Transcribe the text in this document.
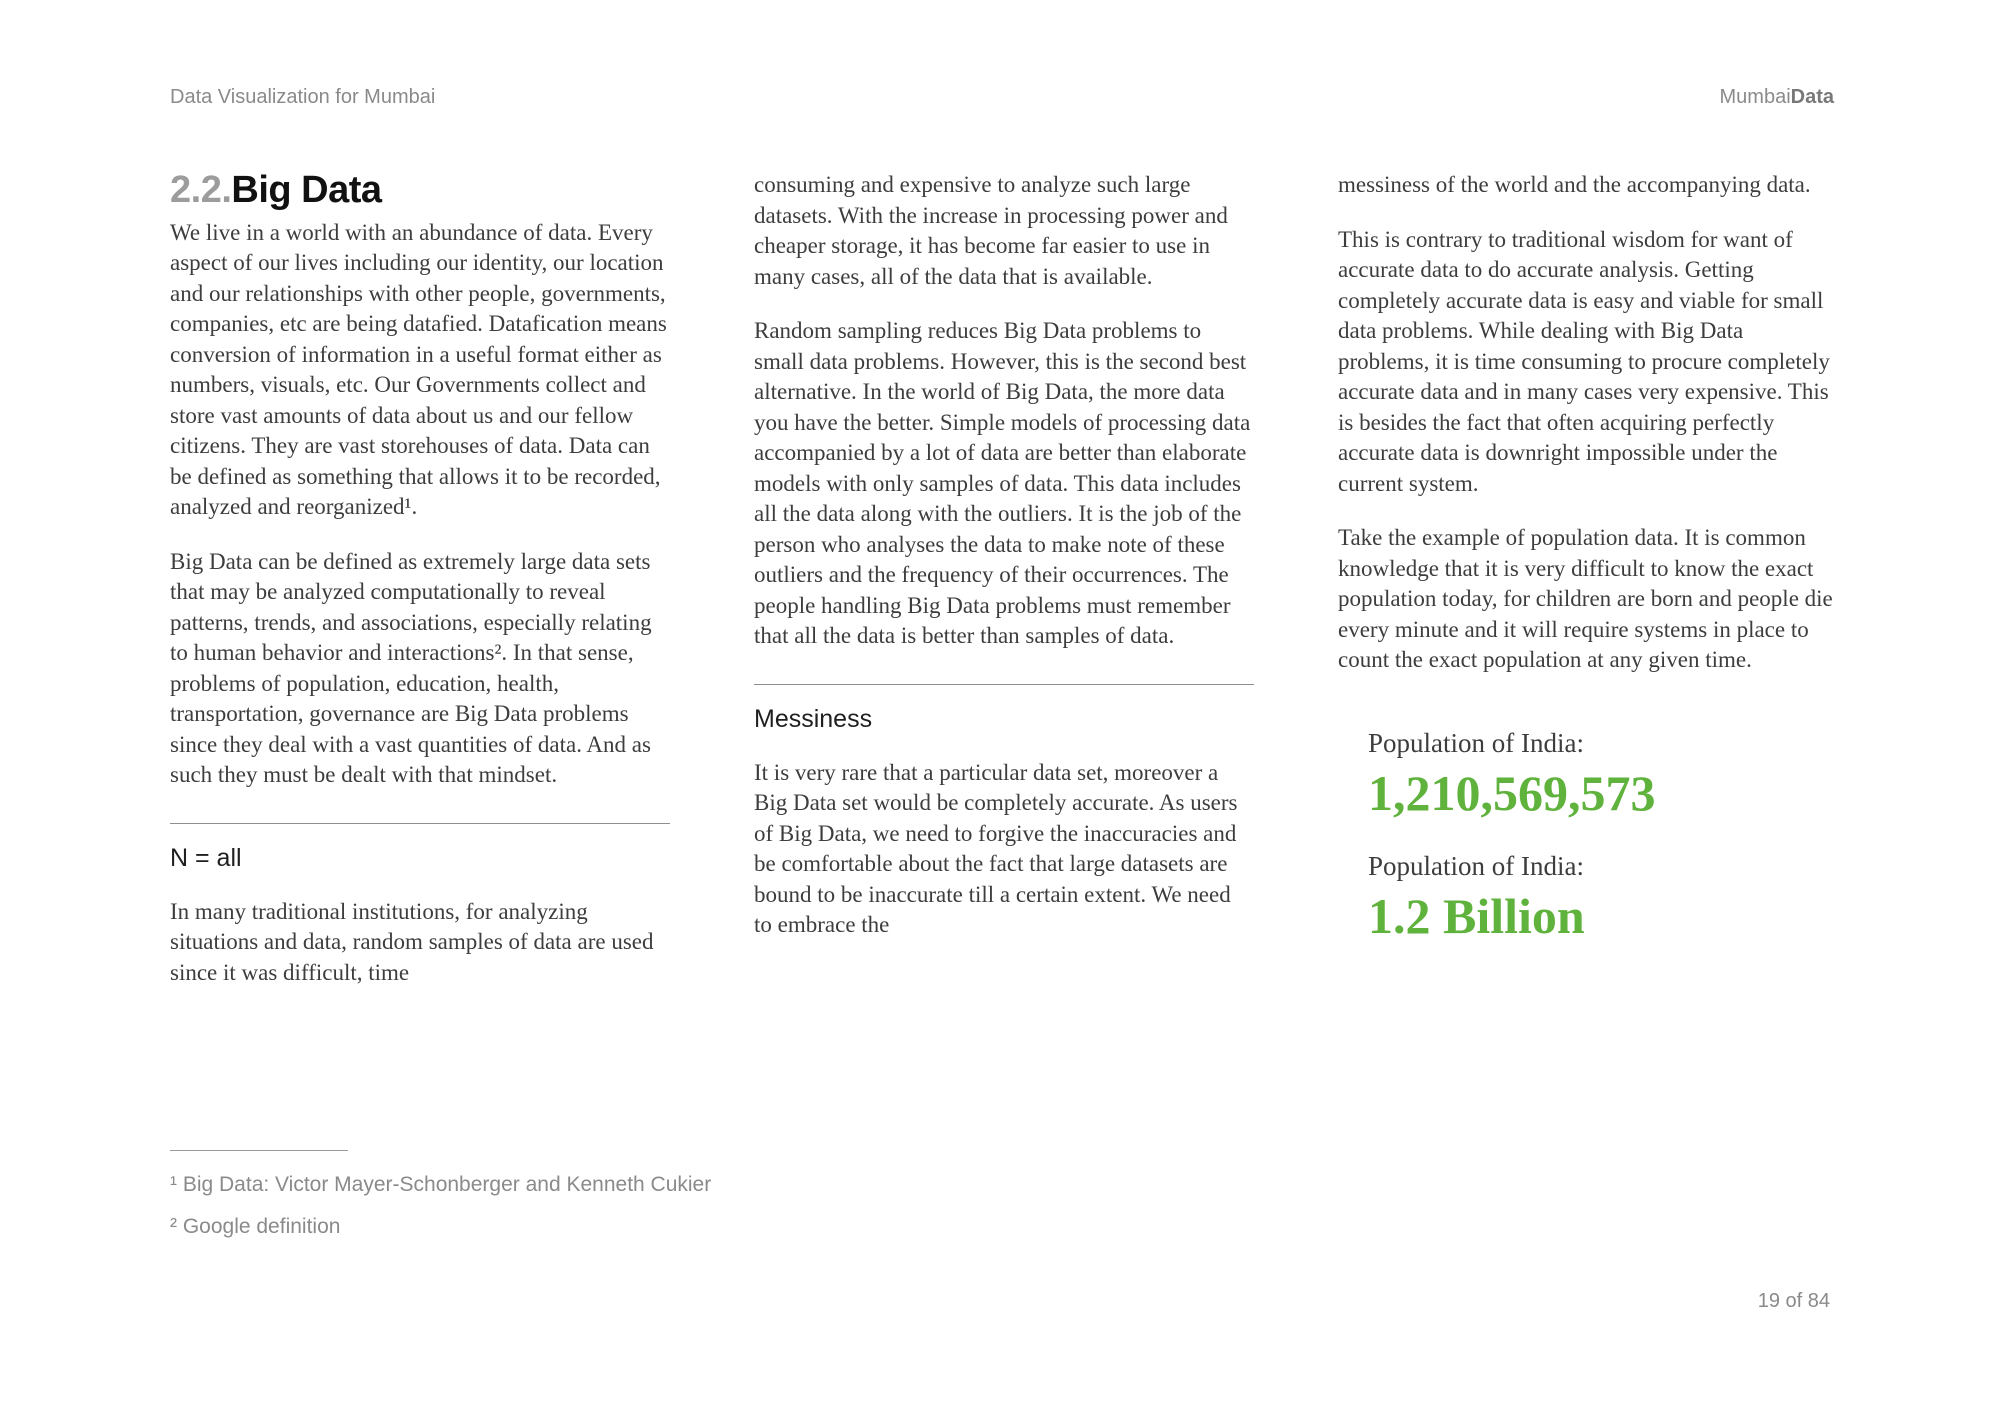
Data Visualization for Mumbai	MumbaiData
2.2.Big Data

We live in a world with an abundance of data. Every aspect of our lives including our identity, our location and our relationships with other people, governments, companies, etc are being datafied. Datafication means conversion of information in a useful format either as numbers, visuals, etc. Our Governments collect and store vast amounts of data about us and our fellow citizens. They are vast storehouses of data. Data can be defined as something that allows it to be recorded, analyzed and reorganized¹.

Big Data can be defined as extremely large data sets that may be analyzed computationally to reveal patterns, trends, and associations, especially relating to human behavior and interactions². In that sense, problems of population, education, health, transportation, governance are Big Data problems since they deal with a vast quantities of data. And as such they must be dealt with that mindset.

N = all

In many traditional institutions, for analyzing situations and data, random samples of data are used since it was difficult, time

consuming and expensive to analyze such large datasets. With the increase in processing power and cheaper storage, it has become far easier to use in many cases, all of the data that is available.

Random sampling reduces Big Data problems to small data problems. However, this is the second best alternative. In the world of Big Data, the more data you have the better. Simple models of processing data accompanied by a lot of data are better than elaborate models with only samples of data. This data includes all the data along with the outliers. It is the job of the person who analyses the data to make note of these outliers and the frequency of their occurrences. The people handling Big Data problems must remember that all the data is better than samples of data.

Messiness

It is very rare that a particular data set, moreover a Big Data set would be completely accurate. As users of Big Data, we need to forgive the inaccuracies and be comfortable about the fact that large datasets are bound to be inaccurate till a certain extent. We need to embrace the

messiness of the world and the accompanying data.

This is contrary to traditional wisdom for want of accurate data to do accurate analysis. Getting completely accurate data is easy and viable for small data problems. While dealing with Big Data problems, it is time consuming to procure completely accurate data and in many cases very expensive. This is besides the fact that often acquiring perfectly accurate data is downright impossible under the current system.

Take the example of population data. It is common knowledge that it is very difficult to know the exact population today, for children are born and people die every minute and it will require systems in place to count the exact population at any given time.

Population of India:
1,210,569,573
Population of India:
1.2 Billion

¹ Big Data: Victor Mayer-Schonberger and Kenneth Cukier

² Google definition

19 of 84
